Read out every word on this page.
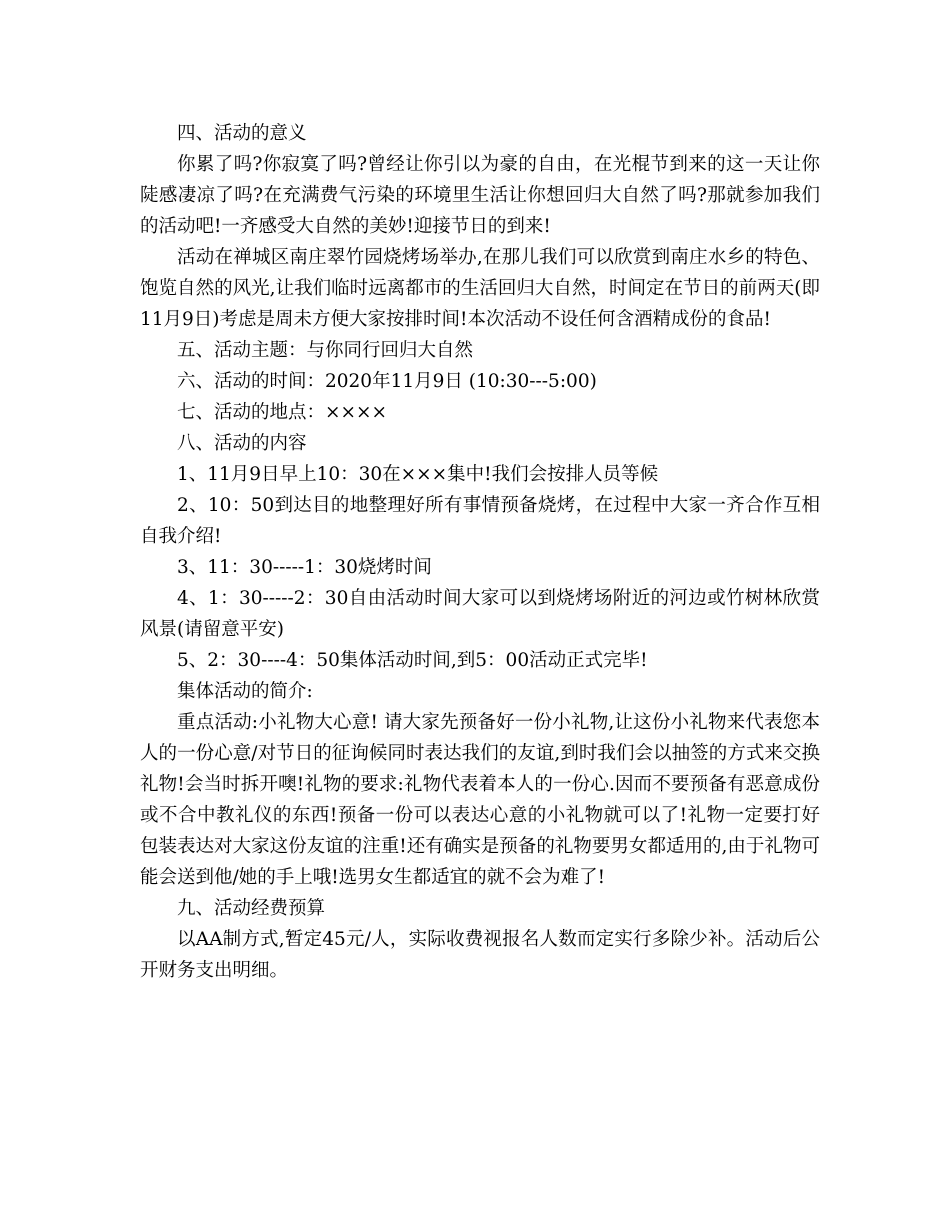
四、活动的意义

你累了吗?你寂寞了吗?曾经让你引以为豪的自由，在光棍节到来的这一天让你陡感凄凉了吗?在充满费气污染的环境里生活让你想回归大自然了吗?那就参加我们的活动吧!一齐感受大自然的美妙!迎接节日的到来!

活动在禅城区南庄翠竹园烧烤场举办,在那儿我们可以欣赏到南庄水乡的特色、饱览自然的风光,让我们临时远离都市的生活回归大自然，时间定在节日的前两天(即11月9日)考虑是周未方便大家按排时间!本次活动不设任何含酒精成份的食品!

五、活动主题：与你同行回归大自然

六、活动的时间：2020年11月9日 (10:30---5:00)

七、活动的地点：××××

八、活动的内容

1、11月9日早上10：30在×××集中!我们会按排人员等候

2、10：50到达目的地整理好所有事情预备烧烤，在过程中大家一齐合作互相自我介绍!

3、11：30-----1：30烧烤时间

4、1：30-----2：30自由活动时间大家可以到烧烤场附近的河边或竹树林欣赏风景(请留意平安)

5、2：30----4：50集体活动时间,到5：00活动正式完毕!

集体活动的简介:

重点活动:小礼物大心意! 请大家先预备好一份小礼物,让这份小礼物来代表您本人的一份心意/对节日的征询候同时表达我们的友谊,到时我们会以抽签的方式来交换礼物!会当时拆开噢!礼物的要求:礼物代表着本人的一份心.因而不要预备有恶意成份或不合中教礼仪的东西!预备一份可以表达心意的小礼物就可以了!礼物一定要打好包装表达对大家这份友谊的注重!还有确实是预备的礼物要男女都适用的,由于礼物可能会送到他/她的手上哦!选男女生都适宜的就不会为难了!

九、活动经费预算

以AA制方式,暂定45元/人，实际收费视报名人数而定实行多除少补。活动后公开财务支出明细。
